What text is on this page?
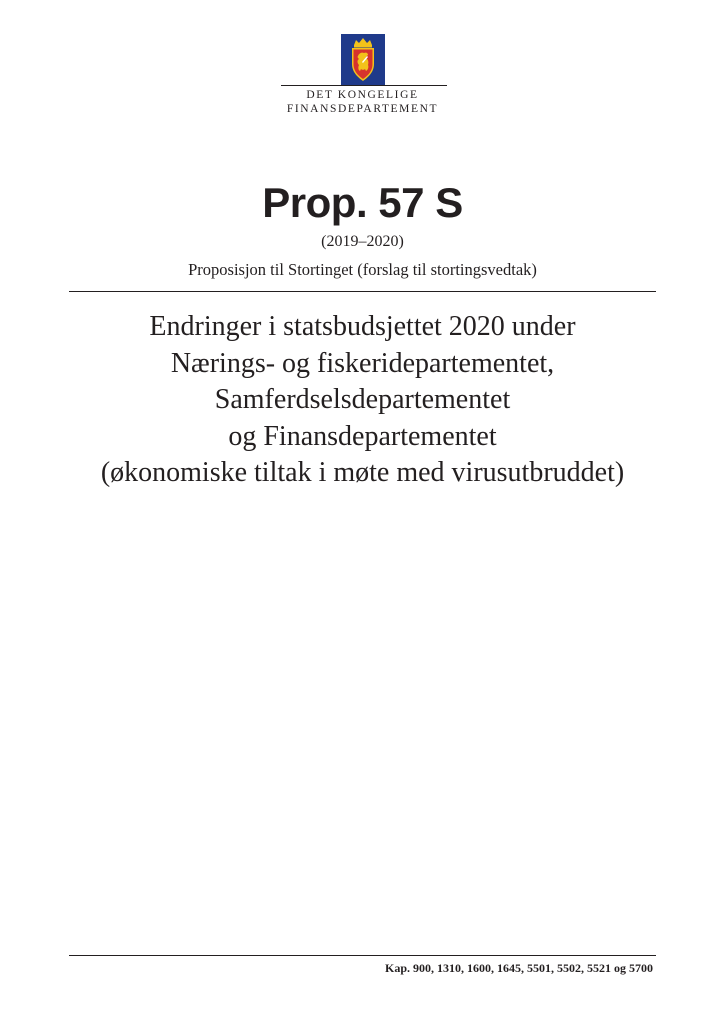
DET KONGELIGE
FINANSDEPARTEMENT
Prop. 57 S
(2019–2020)
Proposisjon til Stortinget (forslag til stortingsvedtak)
Endringer i statsbudsjettet 2020 under
Nærings- og fiskeridepartementet,
Samferdselsdepartementet
og Finansdepartementet
(økonomiske tiltak i møte med virusutbruddet)
Kap. 900, 1310, 1600, 1645, 5501, 5502, 5521 og 5700
